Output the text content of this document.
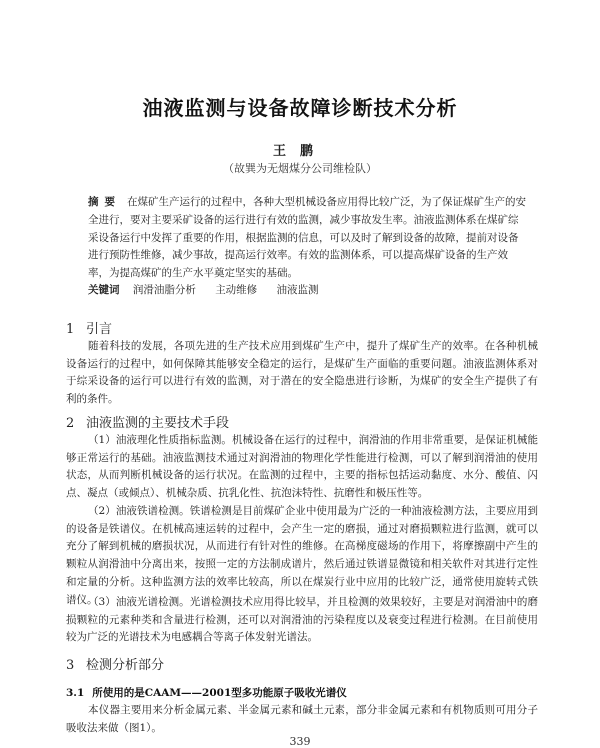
油液监测与设备故障诊断技术分析
王鹏
（故巽为无烟煤分公司维检队）
摘要 在煤矿生产运行的过程中，各种大型机械设备应用得比较广泛，为了保证煤矿生产的安全进行，要对主要采矿设备的运行进行有效的监测，减少事故发生率。油液监测体系在煤矿综采设备运行中发挥了重要的作用，根据监测的信息，可以及时了解到设备的故障，提前对设备进行预防性维修，减少事故，提高运行效率。有效的监测体系，可以提高煤矿设备的生产效率，为提高煤矿的生产水平奠定坚实的基础。
关键词 润滑油脂分析 主动维修 油液监测
1 引言

随着科技的发展，各项先进的生产技术应用到煤矿生产中，提升了煤矿生产的效率。在各种机械设备运行的过程中，如何保障其能够安全稳定的运行，是煤矿生产面临的重要问题。油液监测体系对于综采设备的运行可以进行有效的监测，对于潜在的安全隐患进行诊断，为煤矿的安全生产提供了有利的条件。

2 油液监测的主要技术手段

（1）油液理化性质指标监测。机械设备在运行的过程中，润滑油的作用非常重要，是保证机械能够正常运行的基础。油液监测技术通过对润滑油的物理化学性能进行检测，可以了解到润滑油的使用状态，从而判断机械设备的运行状况。在监测的过程中，主要的指标包括运动黏度、水分、酸值、闪点、凝点（或倾点）、机械杂质、抗乳化性、抗泡沫特性、抗磨性和极压性等。

（2）油液铁谱检测。铁谱检测是目前煤矿企业中使用最为广泛的一种油液检测方法，主要应用到的设备是铁谱仪。在机械高速运转的过程中，会产生一定的磨损，通过对磨损颗粒进行监测，就可以充分了解到机械的磨损状况，从而进行有针对性的维修。在高梯度磁场的作用下，将摩擦副中产生的颗粒从润滑油中分离出来，按照一定的方法制成谱片，然后通过铁谱显微镜和相关软件对其进行定性和定量的分析。这种监测方法的效率比较高，所以在煤炭行业中应用的比较广泛，通常使用旋转式铁谱仪。

（3）油液光谱检测。光谱检测技术应用得比较早，并且检测的效果较好，主要是对润滑油中的磨损颗粒的元素种类和含量进行检测，还可以对润滑油的污染程度以及衰变过程进行检测。在目前使用较为广泛的光谱技术为电感耦合等离子体发射光谱法。

3 检测分析部分
3.1 所使用的是CAAM——2001型多功能原子吸收光谱仪

本仪器主要用来分析金属元素、半金属元素和碱土元素，部分非金属元素和有机物质则可用分子吸收法来做（图1）。

339
